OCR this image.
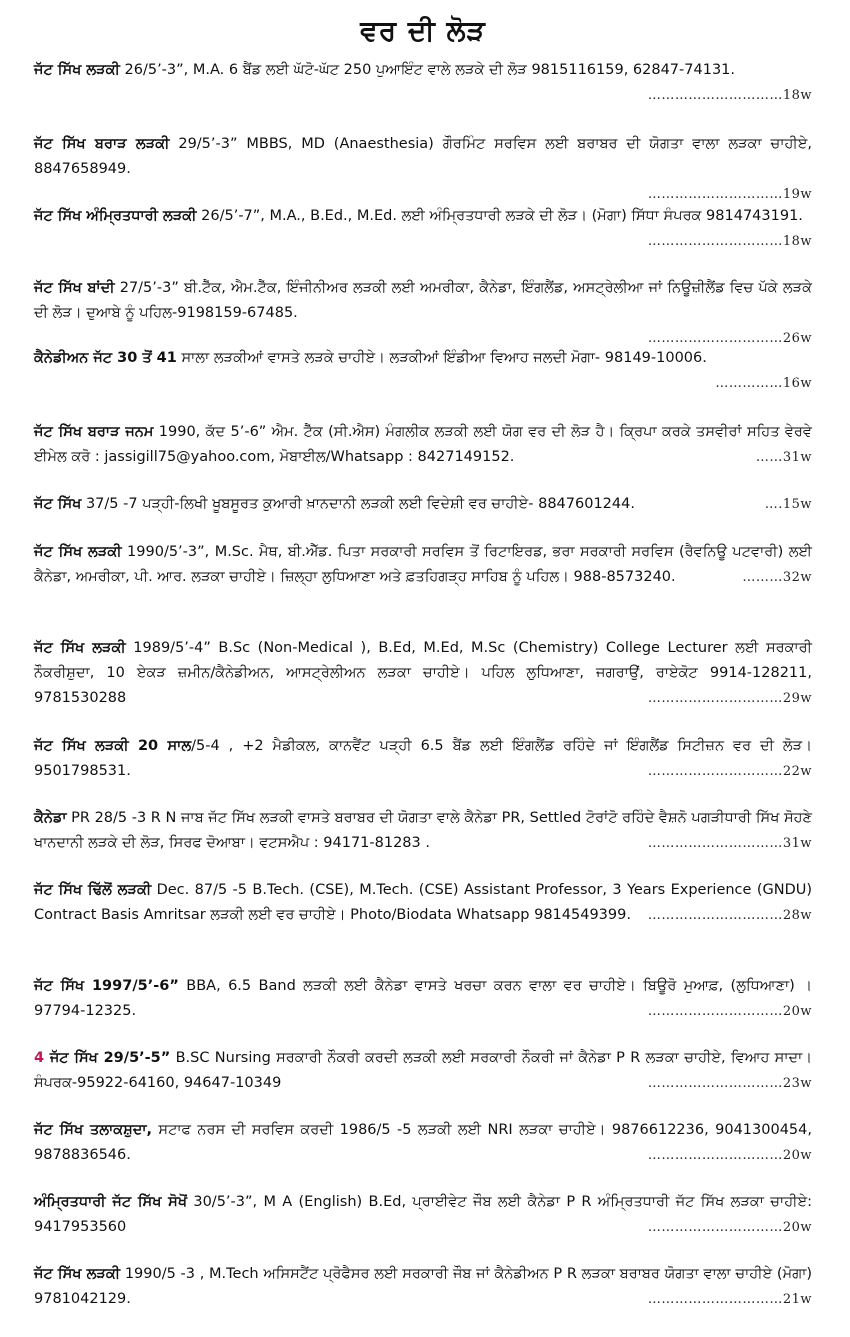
ਵਰ ਦੀ ਲੋੜ
ਜੱਟ ਸਿੱਖ ਲੜਕੀ 26/5’-3”, M.A. 6 ਬੈਂਡ ਲਈ ਘੱਟੋ-ਘੱਟ 250 ਪੁਆਇੰਟ ਵਾਲੇ ਲੜਕੇ ਦੀ ਲੋੜ 9815116159, 62847-74131.
…………………………18w
ਜੱਟ ਸਿੱਖ ਬਰਾੜ ਲੜਕੀ 29/5’-3” MBBS, MD (Anaesthesia) ਗੌਰਮਿੰਟ ਸਰਵਿਸ ਲਈ ਬਰਾਬਰ ਦੀ ਯੋਗਤਾ ਵਾਲਾ ਲੜਕਾ ਚਾਹੀਏ, 8847658949.
…………………………19w
ਜੱਟ ਸਿੱਖ ਅੰਮ੍ਰਿਤਧਾਰੀ ਲੜਕੀ 26/5’-7”, M.A., B.Ed., M.Ed. ਲਈ ਅੰਮ੍ਰਿਤਧਾਰੀ ਲੜਕੇ ਦੀ ਲੋੜ। (ਮੋਗਾ) ਸਿੱਧਾ ਸੰਪਰਕ 9814743191.
…………………………18w
ਜੱਟ ਸਿੱਖ ਬਾਂਦੀ 27/5’-3” ਬੀ.ਟੈੱਕ, ਐਮ.ਟੈੱਕ, ਇੰਜੀਨੀਅਰ ਲੜਕੀ ਲਈ ਅਮਰੀਕਾ, ਕੈਨੇਡਾ, ਇੰਗਲੈਂਡ, ਅਸਟ੍ਰੇਲੀਆ ਜਾਂ ਨਿਊਜ਼ੀਲੈਂਡ ਵਿਚ ਪੱਕੇ ਲੜਕੇ ਦੀ ਲੋੜ। ਦੁਆਬੇ ਨੂੰ ਪਹਿਲ-9198159-67485.
…………………………26w
ਕੈਨੇਡੀਅਨ ਜੱਟ 30 ਤੋਂ 41 ਸਾਲਾ ਲੜਕੀਆਂ ਵਾਸਤੇ ਲੜਕੇ ਚਾਹੀਏ। ਲੜਕੀਆਂ ਇੰਡੀਆ ਵਿਆਹ ਜਲਦੀ ਮੋਗਾ- 98149-10006.
……………16w
ਜੱਟ ਸਿੱਖ ਬਰਾੜ ਜਨਮ 1990, ਕੱਦ 5’-6” ਐਮ. ਟੈੱਕ (ਸੀ.ਐਸ) ਮੰਗਲੀਕ ਲੜਕੀ ਲਈ ਯੋਗ ਵਰ ਦੀ ਲੋੜ ਹੈ। ਕ੍ਰਿਪਾ ਕਰਕੇ ਤਸਵੀਰਾਂ ਸਹਿਤ ਵੇਰਵੇ ਈਮੇਲ ਕਰੋ : jassigill75@yahoo.com, ਮੋਬਾਈਲ/Whatsapp : 8427149152.	……31w
ਜੱਟ ਸਿੱਖ 37/5 -7 ਪੜ੍ਹੀ-ਲਿਖੀ ਖੂਬਸੂਰਤ ਕੁਆਰੀ ਖ਼ਾਨਦਾਨੀ ਲੜਕੀ ਲਈ ਵਿਦੇਸ਼ੀ ਵਰ ਚਾਹੀਏ- 8847601244.	….15w
ਜੱਟ ਸਿੱਖ ਲੜਕੀ 1990/5’-3”, M.Sc. ਮੈਥ, ਬੀ.ਐੱਡ. ਪਿਤਾ ਸਰਕਾਰੀ ਸਰਵਿਸ ਤੋਂ ਰਿਟਾਇਰਡ, ਭਰਾ ਸਰਕਾਰੀ ਸਰਵਿਸ (ਰੈਵਨਿਊ ਪਟਵਾਰੀ) ਲਈ ਕੈਨੇਡਾ, ਅਮਰੀਕਾ, ਪੀ. ਆਰ. ਲੜਕਾ ਚਾਹੀਏ। ਜ਼ਿਲ੍ਹਾ ਲੁਧਿਆਣਾ ਅਤੇ ਫ਼ਤਹਿਗੜ੍ਹ ਸਾਹਿਬ ਨੂੰ ਪਹਿਲ। 988-8573240.	………32w
ਜੱਟ ਸਿੱਖ ਲੜਕੀ 1989/5’-4” B.Sc (Non-Medical ), B.Ed, M.Ed, M.Sc (Chemistry) College Lecturer ਲਈ ਸਰਕਾਰੀ ਨੌਕਰੀਸ਼ੁਦਾ, 10 ਏਕੜ ਜ਼ਮੀਨ/ਕੈਨੇਡੀਅਨ, ਆਸਟ੍ਰੇਲੀਅਨ ਲੜਕਾ ਚਾਹੀਏ। ਪਹਿਲ ਲੁਧਿਆਣਾ, ਜਗਰਾਉਂ, ਰਾਏਕੋਟ 9914-128211, 9781530288	…………………………29w
ਜੱਟ ਸਿੱਖ ਲੜਕੀ 20 ਸਾਲ/5-4 , +2 ਮੈਡੀਕਲ, ਕਾਨਵੈਂਟ ਪੜ੍ਹੀ 6.5 ਬੈਂਡ ਲਈ ਇੰਗਲੈਂਡ ਰਹਿੰਦੇ ਜਾਂ ਇੰਗਲੈਂਡ ਸਿਟੀਜ਼ਨ ਵਰ ਦੀ ਲੋੜ। 9501798531.	…………………………22w
ਕੈਨੇਡਾ PR 28/5 -3 R N ਜਾਬ ਜੱਟ ਸਿੱਖ ਲੜਕੀ ਵਾਸਤੇ ਬਰਾਬਰ ਦੀ ਯੋਗਤਾ ਵਾਲੇ ਕੈਨੇਡਾ PR, Settled ਟੋਰਾਂਟੋ ਰਹਿੰਦੇ ਵੈਸ਼ਨੋ ਪਗੜੀਧਾਰੀ ਸਿੱਖ ਸੋਹਣੇ ਖਾਨਦਾਨੀ ਲੜਕੇ ਦੀ ਲੋੜ, ਸਿਰਫ ਦੋਆਬਾ। ਵਟਸਐਪ : 94171-81283 .	…………………………31w
ਜੱਟ ਸਿੱਖ ਢਿੱਲੋਂ ਲੜਕੀ Dec. 87/5 -5 B.Tech. (CSE), M.Tech. (CSE) Assistant Professor, 3 Years Experience (GNDU) Contract Basis Amritsar ਲੜਕੀ ਲਈ ਵਰ ਚਾਹੀਏ। Photo/Biodata Whatsapp 9814549399. …………………………28w
ਜੱਟ ਸਿੱਖ 1997/5’-6” BBA, 6.5 Band ਲੜਕੀ ਲਈ ਕੈਨੇਡਾ ਵਾਸਤੇ ਖਰਚਾ ਕਰਨ ਵਾਲਾ ਵਰ ਚਾਹੀਏ। ਬਿਊਰੋ ਮੁਆਫ਼, (ਲੁਧਿਆਣਾ) ।97794-12325.	…………………………20w
4 ਜੱਟ ਸਿੱਖ 29/5’-5” B.SC Nursing ਸਰਕਾਰੀ ਨੌਕਰੀ ਕਰਦੀ ਲੜਕੀ ਲਈ ਸਰਕਾਰੀ ਨੌਕਰੀ ਜਾਂ ਕੈਨੇਡਾ P R ਲੜਕਾ ਚਾਹੀਏ, ਵਿਆਹ ਸਾਦਾ। ਸੰਪਰਕ-95922-64160, 94647-10349	…………………………23w
ਜੱਟ ਸਿੱਖ ਤਲਾਕਸ਼ੁਦਾ, ਸਟਾਫ ਨਰਸ ਦੀ ਸਰਵਿਸ ਕਰਦੀ 1986/5 -5 ਲੜਕੀ ਲਈ NRI ਲੜਕਾ ਚਾਹੀਏ। 9876612236, 9041300454, 9878836546.	…………………………20w
ਅੰਮ੍ਰਿਤਧਾਰੀ ਜੱਟ ਸਿੱਖ ਸੋਖੋਂ 30/5’-3”, M A (English) B.Ed, ਪ੍ਰਾਈਵੇਟ ਜੌਬ ਲਈ ਕੈਨੇਡਾ P R ਅੰਮ੍ਰਿਤਧਾਰੀ ਜੱਟ ਸਿੱਖ ਲੜਕਾ ਚਾਹੀਏ: 9417953560	…………………………20w
ਜੱਟ ਸਿੱਖ ਲੜਕੀ 1990/5 -3 , M.Tech ਅਸਿਸਟੈਂਟ ਪ੍ਰੋਫੈਸਰ ਲਈ ਸਰਕਾਰੀ ਜੌਬ ਜਾਂ ਕੈਨੇਡੀਅਨ P R ਲੜਕਾ ਬਰਾਬਰ ਯੋਗਤਾ ਵਾਲਾ ਚਾਹੀਏ (ਮੋਗਾ) 9781042129.	…………………………21w
